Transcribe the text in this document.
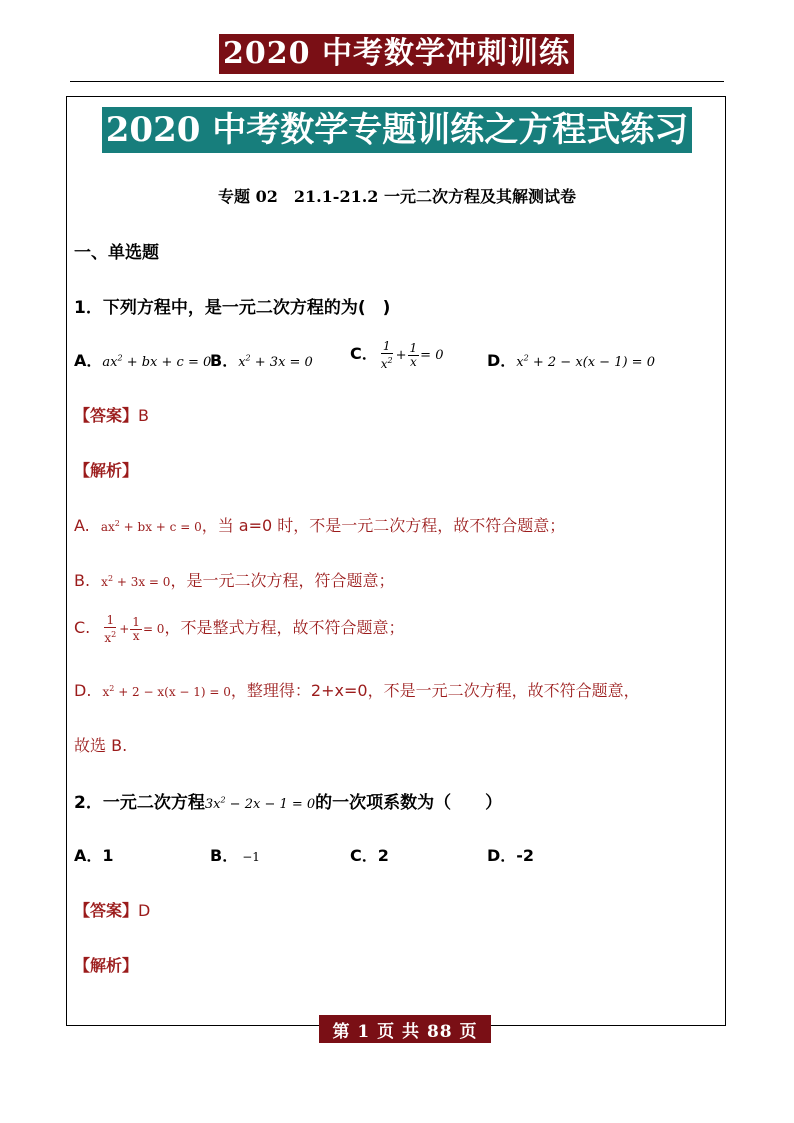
2020 中考数学冲刺训练
2020 中考数学专题训练之方程式练习
专题 02　21.1-21.2 一元二次方程及其解测试卷
一、单选题
1．下列方程中，是一元二次方程的为(　)
A．$ax^2$ + bx + c = 0
B．$x^2 + 3x = 0$ C． $\frac{1}{x^2} + \frac{1}{x} = 0$	D．$x^2 + 2 - x(x - 1) = 0$
【答案】B
【解析】
A. $ax^2$ + bx + c = 0，当 a=0 时，不是一元二次方程，故不符合题意；
B. $x^2 + 3x = 0$，是一元二次方程，符合题意；
C. $\frac{1}{x^2} + \frac{1}{x} = 0$，不是整式方程，故不符合题意；
D. $x^2 + 2 - x(x - 1) = 0$，整理得：2+x=0，不是一元二次方程，故不符合题意，
故选 B.
2．一元二次方程$3x^2 - 2x - 1 = 0$的一次项系数为（　　）
A．1	B． −1	C．2	D．-2
【答案】D
【解析】
第 1 页 共 88 页
